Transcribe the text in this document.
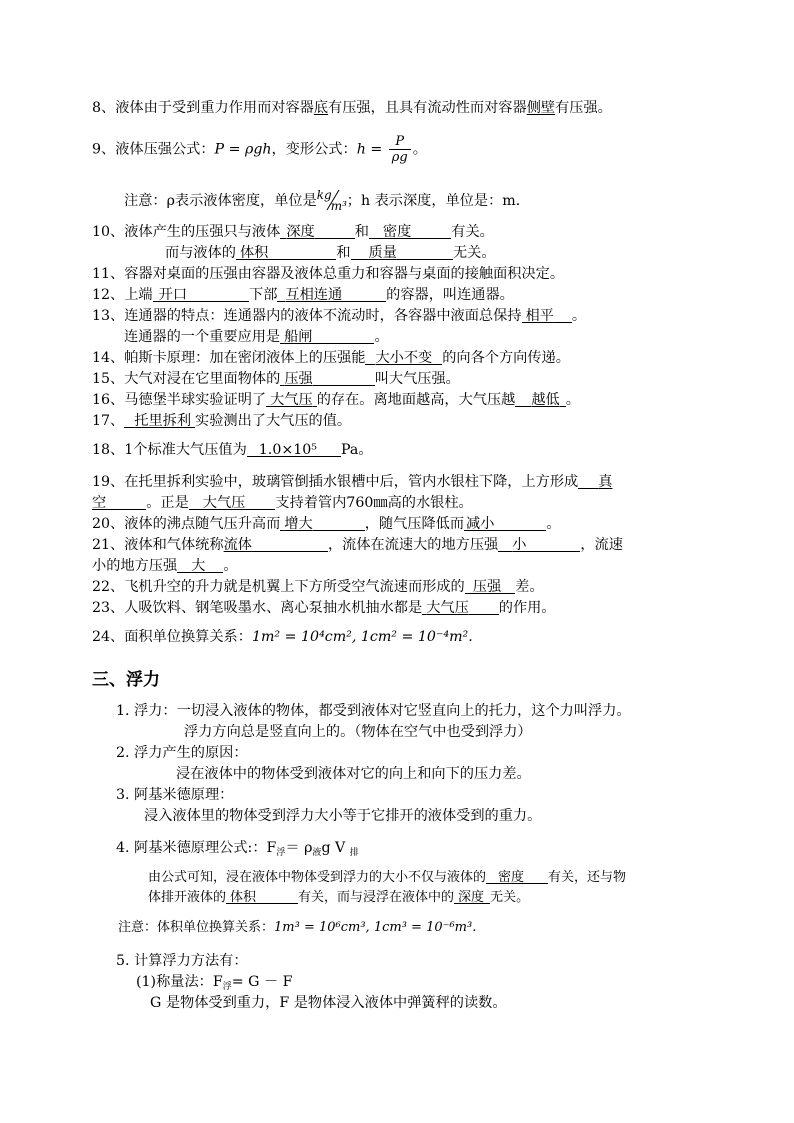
8、液体由于受到重力作用而对容器底有压强，且具有流动性而对容器侧壁有压强。
9、液体压强公式：P = ρgh，变形公式：$h = \frac{P}{\rho g}$ 。
注意：ρ表示液体密度，单位是 kg
m³ ；h 表示深度，单位是：m.
10、液体产生的压强只与液体 深度	和 密度	有关。
而与液体的 体积	和 质量	无关。
11、容器对桌面的压强由容器及液体总重力和容器与桌面的接触面积决定。
12、上端 开口	下部 互相连通	的容器，叫连通器。
13、连通器的特点：连通器内的液体不流动时，各容器中液面总保持 相平 。
连通器的一个重要应用是 船闸	。
14、帕斯卡原理：加在密闭液体上的压强能 大小不变 的向各个方向传递。
15、大气对浸在它里面物体的 压强	叫大气压强。
16、马德堡半球实验证明了 大气压 的存在。离地面越高，大气压越 越低 。
17、 托里拆利 实验测出了大气压的值。
18、1个标准大气压值为 1.0×10⁵ Pa。
19、在托里拆利实验中，玻璃管倒插水银槽中后，管内水银柱下降，上方形成 真
空	。正是 大气压 支持着管内760㎜高的水银柱。
20、液体的沸点随气压升高而 增大	，随气压降低而 减小	。
21、液体和气体统称流体	，流体在流速大的地方压强 小	，流速
小的地方压强 大 。
22、飞机升空的升力就是机翼上下方所受空气流速而形成的 压强 差。
23、人吸饮料、钢笔吸墨水、离心泵抽水机抽水都是 大气压 的作用。
24、面积单位换算关系：1m² = 10⁴cm², 1cm² = 10⁻⁴m².
三、浮力
1. 浮力：一切浸入液体的物体，都受到液体对它竖直向上的托力，这个力叫浮力。
浮力方向总是竖直向上的。（物体在空气中也受到浮力）
2. 浮力产生的原因：
浸在液体中的物体受到液体对它的向上和向下的压力差。
3. 阿基米德原理：
浸入液体里的物体受到浮力大小等于它排开的液体受到的重力。
4. 阿基米德原理公式:：$F_浮= \rho_液g$ V $_排$
由公式可知，浸在液体中物体受到浮力的大小不仅与液体的 密度 有关，还与物
体排开液体的 体积	有关，而与浸浮在液体中的 深度 无关。
注意：体积单位换算关系：1m³ = 10⁶cm³, 1cm³ = 10⁻⁶m³.
5. 计算浮力方法有：
(1)称量法：$F_浮= G - F$
G 是物体受到重力，F 是物体浸入液体中弹簧秤的读数。
